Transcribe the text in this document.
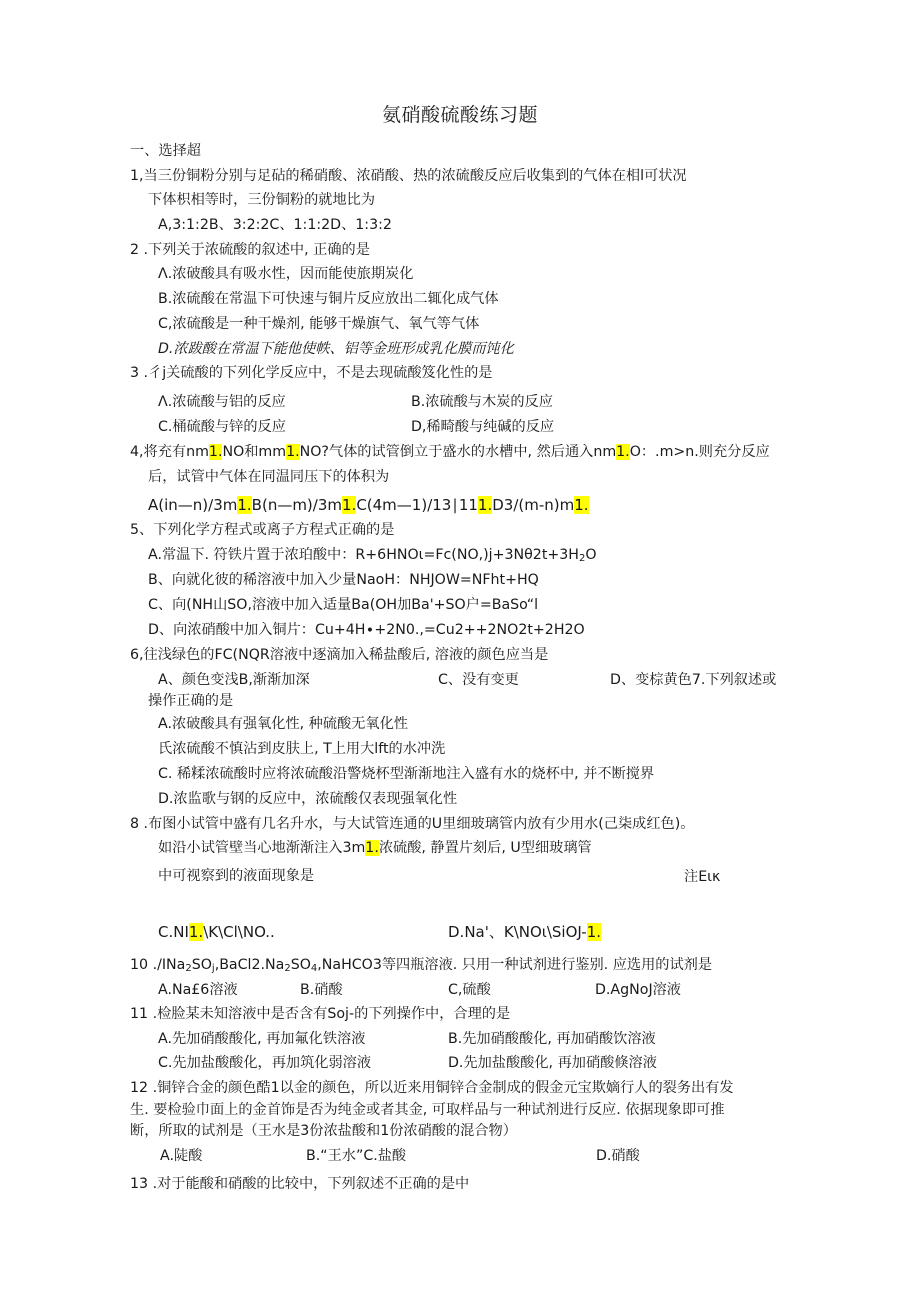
氨硝酸硫酸练习题
一、选择超
1,当三份铜粉分别与足砧的稀硝酸、浓硝酸、热的浓硫酸反应后收集到的气体在相l可状况
下体枳相等时，三份铜粉的就地比为
A,3:1:2B、3:2:2C、1:1:2D、1:3:2
2 .下列关于浓硫酸的叙述中, 正确的是
Λ.浓破酸具有吸水性，因而能使旅期炭化
B.浓硫酸在常温下可快速与铜片反应放出二辄化成气体
C,浓硫酸是一种干燥剂, 能够干燥旗气、氧气等气体
D.浓跋酸在常温下能他使帙、铝等金班形成乳化膜而饨化
3 .彳j关硫酸的下列化学反应中，不是去现硫酸笈化性的是
Λ.浓硫酸与铝的反应	B.浓硫酸与木炭的反应
C.桶硫酸与锌的反应	D,稀畸酸与纯碱的反应
4,将充有nm1.NO和mm1.NO?气体的试管倒立于盛水的水槽中, 然后通入nm1.O：.m>n.则充分反应
后，试管中气体在同温同压下的体积为
A(in—n)∕3m1.B(n—m)∕3m1.C(4m—1)/13∣111.D3∕(m-n)m1.
5、下列化学方程式或离子方程式正确的是
A.常温下. 符铁片置于浓珀酸中：$R+6HNO\iota=Fc(NO,)j+3N\theta 2t+3H_2O$
B、向就化彼的稀溶液中加入少量NaoH：NHJOW=NFht+HQ
C、向(NH山SO,溶液中加入适量Ba(OH加Ba'+SO户=BaSo“l
D、向浓硝酸中加入铜片：Cu+4H∙+2N0.,=Cu2++2NO2t+2H2O
6,往浅绿色的FC(NQR溶液中逐滴加入稀盐酸后, 溶液的颜色应当是
A、颜色变浅B,渐渐加深	C、没有变更	D、变棕黄色7.下列叙述或
操作正确的是
A.浓破酸具有强氧化性, 种硫酸无氧化性
氏浓硫酸不慎沾到皮肤上, T上用大lft的水冲洗
C. 稀糅浓硫酸时应将浓硫酸沿警烧杯型渐渐地注入盛有水的烧杯中, 并不断搅界
D.浓监歌与钢的反应中，浓硫酸仅表现强氧化性
8 .布图小试管中盛有几名升水，与大试管连通的U里细玻璃管内放有少用水(己柒成红色)。
如沿小试管壁当心地渐渐注入3m1.浓硫酸, 静置片刻后, U型细玻璃管
中可视察到的液面现象是	注Eικ
C.NI1.\K\Cl\NO..	D.Na'、K\NOι\SiOJ-1.
10 $./INa_2SO_j,BaCl2.Na_2SO_4,NaHCO3$等四瓶溶液. 只用一种试剂进行鉴别. 应选用的试剂是
A.Na£6溶液	B.硝酸	C,硫酸	D.AgNoJ溶液
11 .检脸某未知溶液中是否含有Soj-的下列操作中，合理的是
A.先加硝酸酸化, 再加氟化铁溶液	B.先加硝酸酸化, 再加硝酸饮溶液
C.先加盐酸酸化，再加筑化弱溶液	D.先加盐酸酸化, 再加硝酸倏溶液
12 .铜锌合金的颜色酷1以金的颜色，所以近来用铜锌合金制成的假金元宝欺嫡行人的裂务出有发
生. 要检验巾面上的金首饰是否为纯金或者其金, 可取样品与一种试剂进行反应. 依据现象即可推
断，所取的试剂是（王水是3份浓盐酸和1份浓硝酸的混合物）
A.陡酸	B.“王水”C.盐酸	D.硝酸
13 .对于能酸和硝酸的比较中，下列叙述不正确的是中
